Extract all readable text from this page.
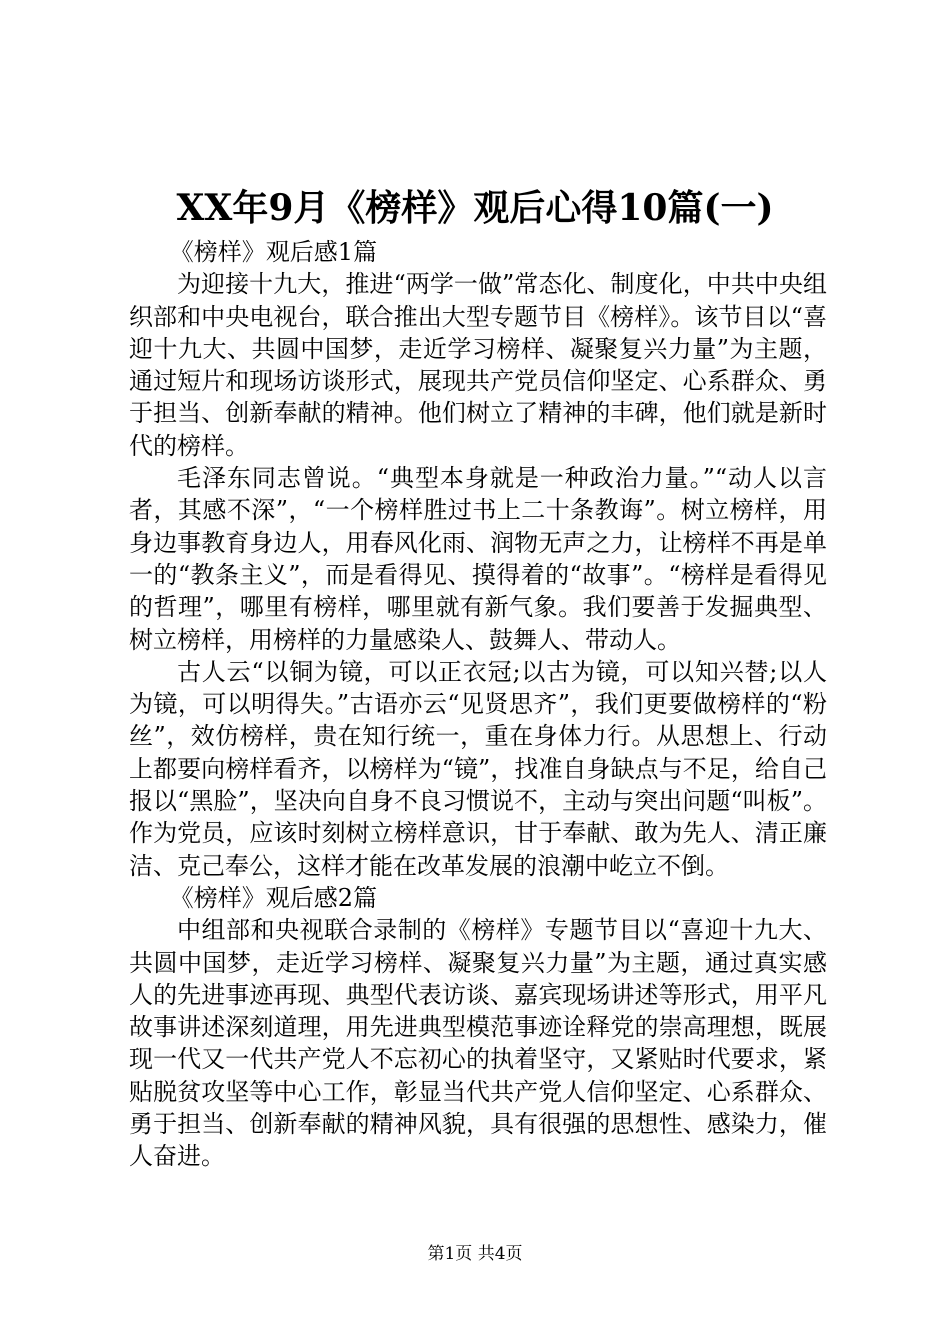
XX年9月《榜样》观后心得10篇(一)

《榜样》观后感1篇

为迎接十九大，推进“两学一做”常态化、制度化，中共中央组织部和中央电视台，联合推出大型专题节目《榜样》。该节目以“喜迎十九大、共圆中国梦，走近学习榜样、凝聚复兴力量”为主题，通过短片和现场访谈形式，展现共产党员信仰坚定、心系群众、勇于担当、创新奉献的精神。他们树立了精神的丰碑，他们就是新时代的榜样。

毛泽东同志曾说。“典型本身就是一种政治力量。”“动人以言者，其感不深”，“一个榜样胜过书上二十条教诲”。树立榜样，用身边事教育身边人，用春风化雨、润物无声之力，让榜样不再是单一的“教条主义”，而是看得见、摸得着的“故事”。“榜样是看得见的哲理”，哪里有榜样，哪里就有新气象。我们要善于发掘典型、树立榜样，用榜样的力量感染人、鼓舞人、带动人。

古人云“以铜为镜，可以正衣冠;以古为镜，可以知兴替;以人为镜，可以明得失。”古语亦云“见贤思齐”，我们更要做榜样的“粉丝”，效仿榜样，贵在知行统一，重在身体力行。从思想上、行动上都要向榜样看齐，以榜样为“镜”，找准自身缺点与不足，给自己报以“黑脸”，坚决向自身不良习惯说不，主动与突出问题“叫板”。作为党员，应该时刻树立榜样意识，甘于奉献、敢为先人、清正廉洁、克己奉公，这样才能在改革发展的浪潮中屹立不倒。

《榜样》观后感2篇

中组部和央视联合录制的《榜样》专题节目以“喜迎十九大、共圆中国梦，走近学习榜样、凝聚复兴力量”为主题，通过真实感人的先进事迹再现、典型代表访谈、嘉宾现场讲述等形式，用平凡故事讲述深刻道理，用先进典型模范事迹诠释党的崇高理想，既展现一代又一代共产党人不忘初心的执着坚守，又紧贴时代要求，紧贴脱贫攻坚等中心工作，彰显当代共产党人信仰坚定、心系群众、勇于担当、创新奉献的精神风貌，具有很强的思想性、感染力，催人奋进。

第1页 共4页
